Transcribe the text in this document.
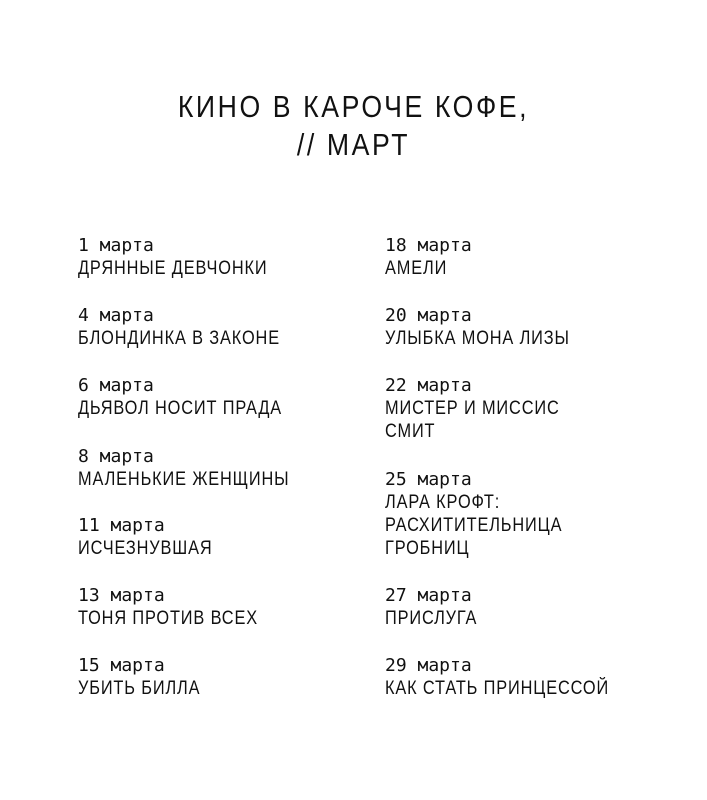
КИНО В КАРОЧЕ КОФЕ,
// МАРТ
1 марта
ДРЯННЫЕ ДЕВЧОНКИ
4 марта
БЛОНДИНКА В ЗАКОНЕ
6 марта
ДЬЯВОЛ НОСИТ ПРАДА
8 марта
МАЛЕНЬКИЕ ЖЕНЩИНЫ
11 марта
ИСЧЕЗНУВШАЯ
13 марта
ТОНЯ ПРОТИВ ВСЕХ
15 марта
УБИТЬ БИЛЛА
18 марта
АМЕЛИ
20 марта
УЛЫБКА МОНА ЛИЗЫ
22 марта
МИСТЕР И МИССИС
СМИТ
25 марта
ЛАРА КРОФТ:
РАСХИТИТЕЛЬНИЦА
ГРОБНИЦ
27 марта
ПРИСЛУГА
29 марта
КАК СТАТЬ ПРИНЦЕССОЙ
